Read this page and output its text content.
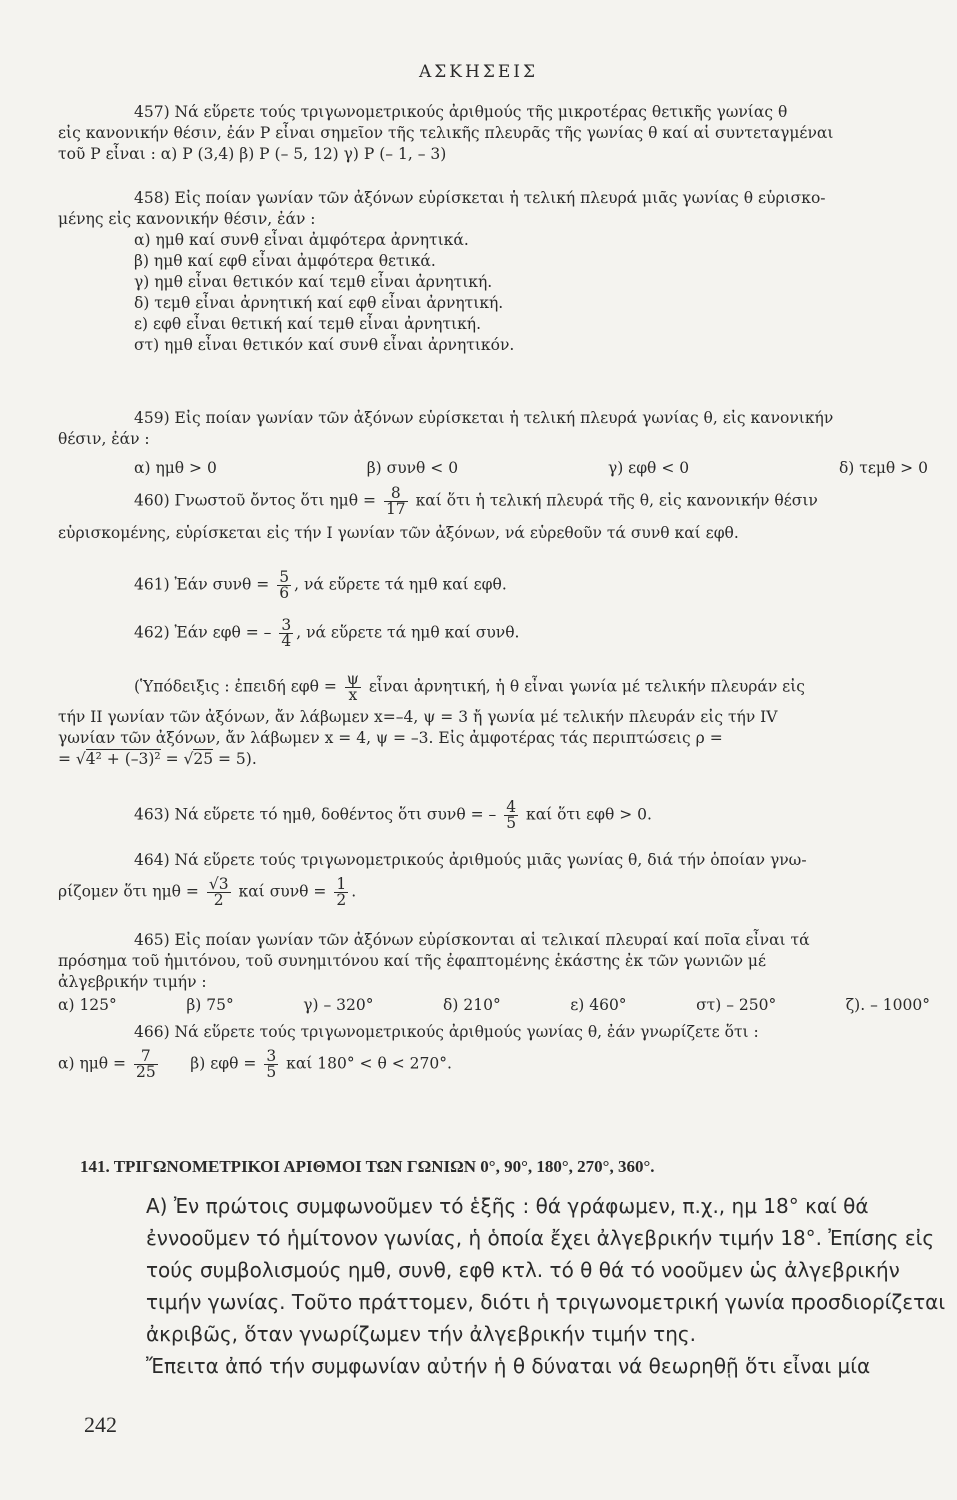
ΑΣΚΗΣΕΙΣ

457) Νά εὕρετε τούς τριγωνομετρικούς ἀριθμούς τῆς μικροτέρας θετικῆς γωνίας θ

εἰς κανονικήν θέσιν, ἐάν P εἶναι σημεῖον τῆς τελικῆς πλευρᾶς τῆς γωνίας θ καί αἱ συντεταγμέναι

τοῦ P εἶναι : α) P (3,4) β) P (– 5, 12) γ) P (– 1, – 3)

458) Εἰς ποίαν γωνίαν τῶν ἀξόνων εὑρίσκεται ἡ τελική πλευρά μιᾶς γωνίας θ εὑρισκο-

μένης εἰς κανονικήν θέσιν, ἐάν :

α) ημθ καί συνθ εἶναι ἀμφότερα ἀρνητικά.

β) ημθ καί εφθ εἶναι ἀμφότερα θετικά.

γ) ημθ εἶναι θετικόν καί τεμθ εἶναι ἀρνητική.

δ) τεμθ εἶναι ἀρνητική καί εφθ εἶναι ἀρνητική.

ε) εφθ εἶναι θετική καί τεμθ εἶναι ἀρνητική.

στ) ημθ εἶναι θετικόν καί συνθ εἶναι ἀρνητικόν.

459) Εἰς ποίαν γωνίαν τῶν ἀξόνων εὑρίσκεται ἡ τελική πλευρά γωνίας θ, εἰς κανονικήν

θέσιν, ἐάν :

α) ημθ > 0	β) συνθ < 0	γ) εφθ < 0	δ) τεμθ > 0

460) Γνωστοῦ ὄντος ὅτι $\eta\mu\theta = \frac{8}{17}$ καί ὅτι ἡ τελική πλευρά τῆς θ, εἰς κανονικήν θέσιν

εὑρισκομένης, εὑρίσκεται εἰς τήν I γωνίαν τῶν ἀξόνων, νά εὑρεθοῦν τά συνθ καί εφθ.

461) Ἐάν $\sigma\upsilon\nu\theta = \frac{5}{6}$ , νά εὕρετε τά ημθ καί εφθ.

462) Ἐάν εφθ = – $\frac{3}{4}$ , νά εὕρετε τά ημθ καί συνθ.

(Ὑπόδειξις : ἐπειδή $\varepsilon\varphi\theta = \frac{\psi}{x}$ εἶναι ἀρνητική, ἡ θ εἶναι γωνία μέ τελικήν πλευράν εἰς

τήν II γωνίαν τῶν ἀξόνων, ἄν λάβωμεν x=–4, ψ = 3 ἤ γωνία μέ τελικήν πλευράν εἰς τήν IV

γωνίαν τῶν ἀξόνων, ἄν λάβωμεν x = 4, ψ = –3. Εἰς ἀμφοτέρας τάς περιπτώσεις ρ =

= √4² + (–3)² = √25 = 5).

463) Νά εὕρετε τό ημθ, δοθέντος ὅτι συνθ = – $\frac{4}{5}$ καί ὅτι εφθ > 0.

464) Νά εὕρετε τούς τριγωνομετρικούς ἀριθμούς μιᾶς γωνίας θ, διά τήν ὁποίαν γνω-

ρίζομεν ὅτι $\eta\mu\theta = \frac{√3}{2}$ καί $\sigma\upsilon\nu\theta = \frac{1}{2}$ .

465) Εἰς ποίαν γωνίαν τῶν ἀξόνων εὑρίσκονται αἱ τελικαί πλευραί καί ποῖα εἶναι τά

πρόσημα τοῦ ἡμιτόνου, τοῦ συνημιτόνου καί τῆς ἐφαπτομένης ἑκάστης ἐκ τῶν γωνιῶν μέ

ἀλγεβρικήν τιμήν :

α) 125°	β) 75°	γ) – 320°	δ) 210°	ε) 460°	στ) – 250°	ζ). – 1000°

466) Νά εὕρετε τούς τριγωνομετρικούς ἀριθμούς γωνίας θ, ἐάν γνωρίζετε ὅτι :

α) $\eta\mu\theta = \frac{7}{25} \beta$) $\varepsilon\varphi\theta = \frac{3}{5}$ καί 180° < θ < 270°.

141. ΤΡΙΓΩΝΟΜΕΤΡΙΚΟΙ ΑΡΙΘΜΟΙ ΤΩΝ ΓΩΝΙΩΝ 0°, 90°, 180°, 270°, 360°.

Α) Ἐν πρώτοις συμφωνοῦμεν τό ἑξῆς : θά γράφωμεν, π.χ., ημ 18° καί θά ἐννοοῦμεν τό ἡμίτονον γωνίας, ἡ ὁποία ἔχει ἀλγεβρικήν τιμήν 18°. Ἐπίσης εἰς τούς συμβολισμούς ημθ, συνθ, εφθ κτλ. τό θ θά τό νοοῦμεν ὡς ἀλγεβρικήν τιμήν γωνίας. Τοῦτο πράττομεν, διότι ἡ τριγωνομετρική γωνία προσδιορίζεται ἀκριβῶς, ὅταν γνωρίζωμεν τήν ἀλγεβρικήν τιμήν της.

Ἔπειτα ἀπό τήν συμφωνίαν αὐτήν ἡ θ δύναται νά θεωρηθῇ ὅτι εἶναι μία

242
